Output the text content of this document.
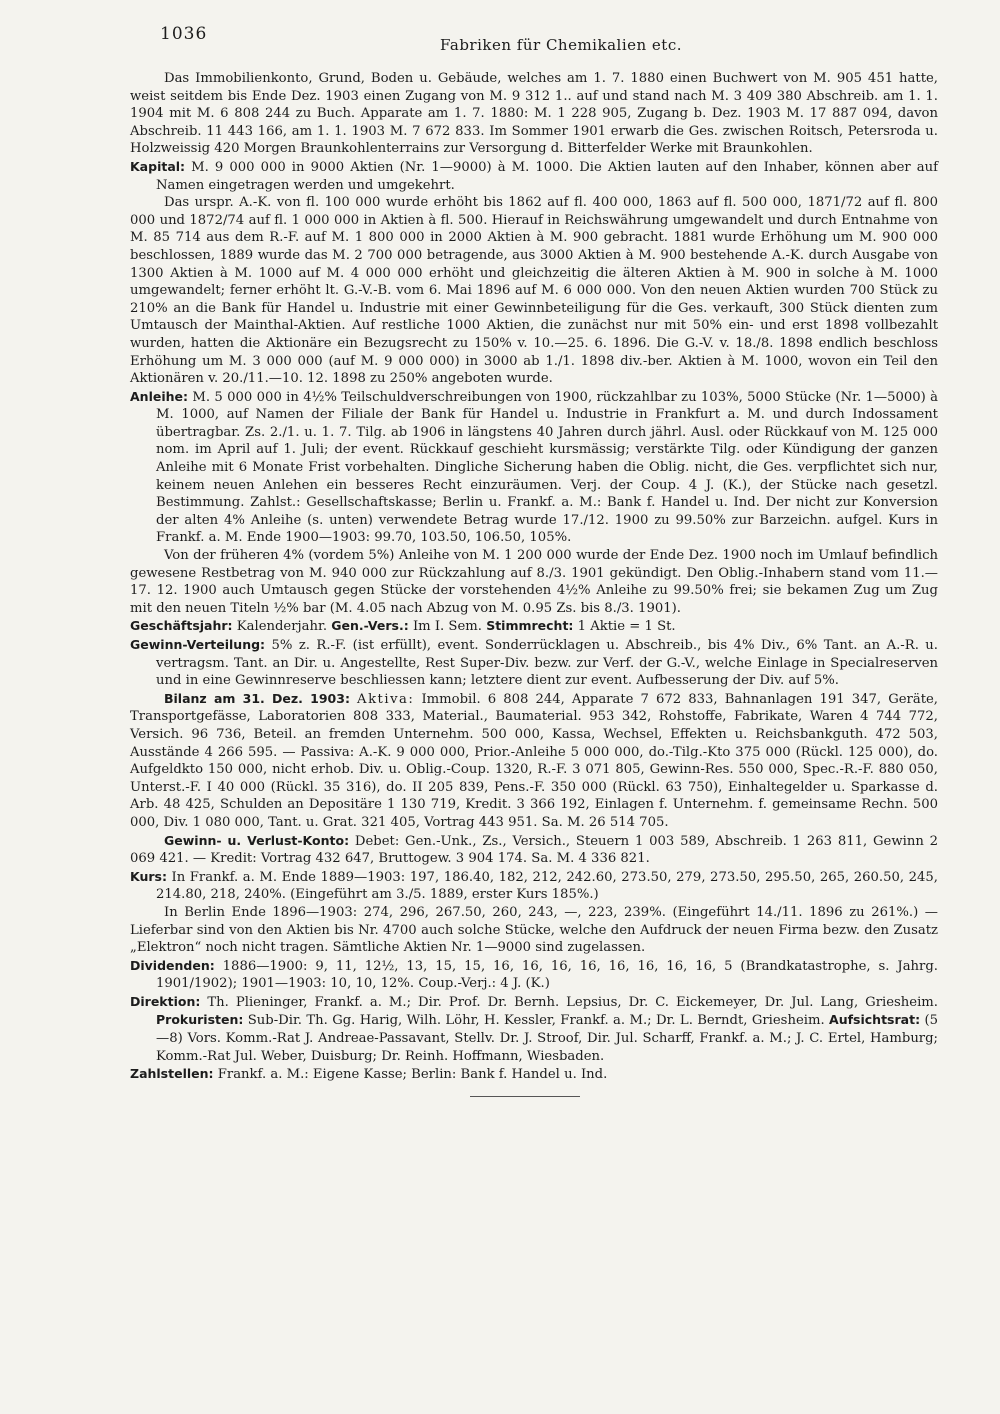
1036
Fabriken für Chemikalien etc.

Das Immobilienkonto, Grund, Boden u. Gebäude, welches am 1. 7. 1880 einen Buchwert von M. 905 451 hatte, weist seitdem bis Ende Dez. 1903 einen Zugang von M. 9 312 1.. auf und stand nach M. 3 409 380 Abschreib. am 1. 1. 1904 mit M. 6 808 244 zu Buch. Apparate am 1. 7. 1880: M. 1 228 905, Zugang b. Dez. 1903 M. 17 887 094, davon Abschreib. 11 443 166, am 1. 1. 1903 M. 7 672 833. Im Sommer 1901 erwarb die Ges. zwischen Roitsch, Petersroda u. Holzweissig 420 Morgen Braunkohlenterrains zur Versorgung d. Bitterfelder Werke mit Braunkohlen.

Kapital: M. 9 000 000 in 9000 Aktien (Nr. 1—9000) à M. 1000. Die Aktien lauten auf den Inhaber, können aber auf Namen eingetragen werden und umgekehrt.

Das urspr. A.-K. von fl. 100 000 wurde erhöht bis 1862 auf fl. 400 000, 1863 auf fl. 500 000, 1871/72 auf fl. 800 000 und 1872/74 auf fl. 1 000 000 in Aktien à fl. 500. Hierauf in Reichswährung umgewandelt und durch Entnahme von M. 85 714 aus dem R.-F. auf M. 1 800 000 in 2000 Aktien à M. 900 gebracht. 1881 wurde Erhöhung um M. 900 000 beschlossen, 1889 wurde das M. 2 700 000 betragende, aus 3000 Aktien à M. 900 bestehende A.-K. durch Ausgabe von 1300 Aktien à M. 1000 auf M. 4 000 000 erhöht und gleichzeitig die älteren Aktien à M. 900 in solche à M. 1000 umgewandelt; ferner erhöht lt. G.-V.-B. vom 6. Mai 1896 auf M. 6 000 000. Von den neuen Aktien wurden 700 Stück zu 210% an die Bank für Handel u. Industrie mit einer Gewinnbeteiligung für die Ges. verkauft, 300 Stück dienten zum Umtausch der Mainthal-Aktien. Auf restliche 1000 Aktien, die zunächst nur mit 50% ein- und erst 1898 vollbezahlt wurden, hatten die Aktionäre ein Bezugsrecht zu 150% v. 10.—25. 6. 1896. Die G.-V. v. 18./8. 1898 endlich beschloss Erhöhung um M. 3 000 000 (auf M. 9 000 000) in 3000 ab 1./1. 1898 div.-ber. Aktien à M. 1000, wovon ein Teil den Aktionären v. 20./11.—10. 12. 1898 zu 250% angeboten wurde.

Anleihe: M. 5 000 000 in 4½% Teilschuldverschreibungen von 1900, rückzahlbar zu 103%, 5000 Stücke (Nr. 1—5000) à M. 1000, auf Namen der Filiale der Bank für Handel u. Industrie in Frankfurt a. M. und durch Indossament übertragbar. Zs. 2./1. u. 1. 7. Tilg. ab 1906 in längstens 40 Jahren durch jährl. Ausl. oder Rückkauf von M. 125 000 nom. im April auf 1. Juli; der event. Rückkauf geschieht kursmässig; verstärkte Tilg. oder Kündigung der ganzen Anleihe mit 6 Monate Frist vorbehalten. Dingliche Sicherung haben die Oblig. nicht, die Ges. verpflichtet sich nur, keinem neuen Anlehen ein besseres Recht einzuräumen. Verj. der Coup. 4 J. (K.), der Stücke nach gesetzl. Bestimmung. Zahlst.: Gesellschaftskasse; Berlin u. Frankf. a. M.: Bank f. Handel u. Ind. Der nicht zur Konversion der alten 4% Anleihe (s. unten) verwendete Betrag wurde 17./12. 1900 zu 99.50% zur Barzeichn. aufgel. Kurs in Frankf. a. M. Ende 1900—1903: 99.70, 103.50, 106.50, 105%.

Von der früheren 4% (vordem 5%) Anleihe von M. 1 200 000 wurde der Ende Dez. 1900 noch im Umlauf befindlich gewesene Restbetrag von M. 940 000 zur Rückzahlung auf 8./3. 1901 gekündigt. Den Oblig.-Inhabern stand vom 11.—17. 12. 1900 auch Umtausch gegen Stücke der vorstehenden 4½% Anleihe zu 99.50% frei; sie bekamen Zug um Zug mit den neuen Titeln ½% bar (M. 4.05 nach Abzug von M. 0.95 Zs. bis 8./3. 1901).

Geschäftsjahr: Kalenderjahr. Gen.-Vers.: Im I. Sem. Stimmrecht: 1 Aktie = 1 St.

Gewinn-Verteilung: 5% z. R.-F. (ist erfüllt), event. Sonderrücklagen u. Abschreib., bis 4% Div., 6% Tant. an A.-R. u. vertragsm. Tant. an Dir. u. Angestellte, Rest Super-Div. bezw. zur Verf. der G.-V., welche Einlage in Specialreserven und in eine Gewinnreserve beschliessen kann; letztere dient zur event. Aufbesserung der Div. auf 5%.

Bilanz am 31. Dez. 1903: Aktiva: Immobil. 6 808 244, Apparate 7 672 833, Bahnanlagen 191 347, Geräte, Transportgefässe, Laboratorien 808 333, Material., Baumaterial. 953 342, Rohstoffe, Fabrikate, Waren 4 744 772, Versich. 96 736, Beteil. an fremden Unternehm. 500 000, Kassa, Wechsel, Effekten u. Reichsbankguth. 472 503, Ausstände 4 266 595. — Passiva: A.-K. 9 000 000, Prior.-Anleihe 5 000 000, do.-Tilg.-Kto 375 000 (Rückl. 125 000), do. Aufgeldkto 150 000, nicht erhob. Div. u. Oblig.-Coup. 1320, R.-F. 3 071 805, Gewinn-Res. 550 000, Spec.-R.-F. 880 050, Unterst.-F. I 40 000 (Rückl. 35 316), do. II 205 839, Pens.-F. 350 000 (Rückl. 63 750), Einhaltegelder u. Sparkasse d. Arb. 48 425, Schulden an Depositäre 1 130 719, Kredit. 3 366 192, Einlagen f. Unternehm. f. gemeinsame Rechn. 500 000, Div. 1 080 000, Tant. u. Grat. 321 405, Vortrag 443 951. Sa. M. 26 514 705.

Gewinn- u. Verlust-Konto: Debet: Gen.-Unk., Zs., Versich., Steuern 1 003 589, Abschreib. 1 263 811, Gewinn 2 069 421. — Kredit: Vortrag 432 647, Bruttogew. 3 904 174. Sa. M. 4 336 821.

Kurs: In Frankf. a. M. Ende 1889—1903: 197, 186.40, 182, 212, 242.60, 273.50, 279, 273.50, 295.50, 265, 260.50, 245, 214.80, 218, 240%. (Eingeführt am 3./5. 1889, erster Kurs 185%.)

In Berlin Ende 1896—1903: 274, 296, 267.50, 260, 243, —, 223, 239%. (Eingeführt 14./11. 1896 zu 261%.) — Lieferbar sind von den Aktien bis Nr. 4700 auch solche Stücke, welche den Aufdruck der neuen Firma bezw. den Zusatz „Elektron“ noch nicht tragen. Sämtliche Aktien Nr. 1—9000 sind zugelassen.

Dividenden: 1886—1900: 9, 11, 12½, 13, 15, 15, 16, 16, 16, 16, 16, 16, 16, 16, 5 (Brandkatastrophe, s. Jahrg. 1901/1902); 1901—1903: 10, 10, 12%. Coup.-Verj.: 4 J. (K.)

Direktion: Th. Plieninger, Frankf. a. M.; Dir. Prof. Dr. Bernh. Lepsius, Dr. C. Eickemeyer, Dr. Jul. Lang, Griesheim. Prokuristen: Sub-Dir. Th. Gg. Harig, Wilh. Löhr, H. Kessler, Frankf. a. M.; Dr. L. Berndt, Griesheim. Aufsichtsrat: (5—8) Vors. Komm.-Rat J. Andreae-Passavant, Stellv. Dr. J. Stroof, Dir. Jul. Scharff, Frankf. a. M.; J. C. Ertel, Hamburg; Komm.-Rat Jul. Weber, Duisburg; Dr. Reinh. Hoffmann, Wiesbaden.

Zahlstellen: Frankf. a. M.: Eigene Kasse; Berlin: Bank f. Handel u. Ind.
